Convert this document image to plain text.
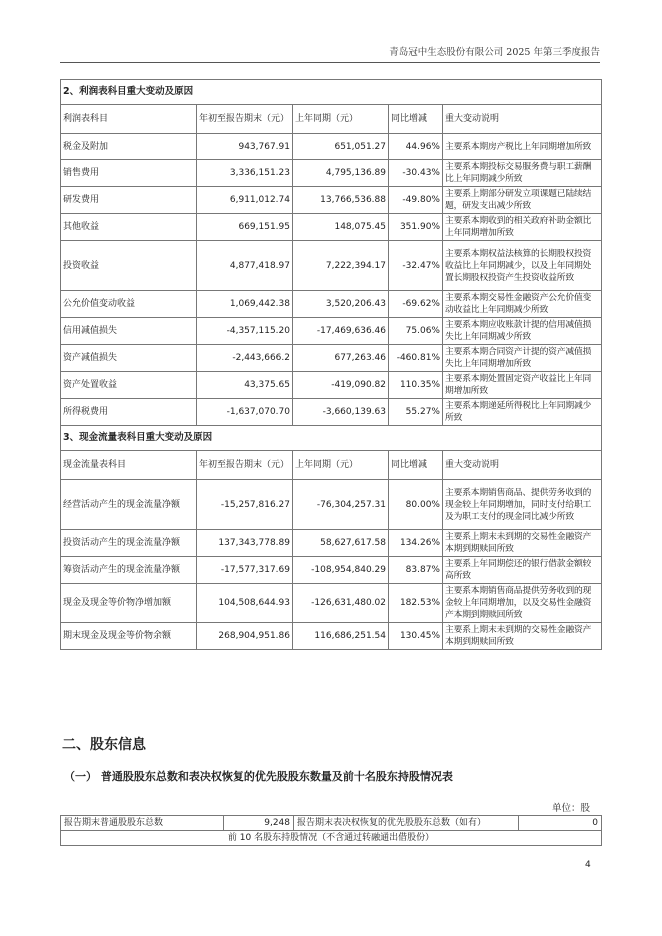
青岛冠中生态股份有限公司 2025 年第三季度报告
2、利润表科目重大变动及原因				
利润表科目	年初至报告期末（元）	上年同期（元）	同比增减	重大变动说明
税金及附加	943,767.91	651,051.27	44.96%	主要系本期房产税比上年同期增加所致
销售费用	3,336,151.23	4,795,136.89	-30.43%	主要系本期投标交易服务费与职工薪酬比上年同期减少所致
研发费用	6,911,012.74	13,766,536.88	-49.80%	主要系上期部分研发立项课题已陆续结题，研发支出减少所致
其他收益	669,151.95	148,075.45	351.90%	主要系本期收到的相关政府补助金额比上年同期增加所致
投资收益	4,877,418.97	7,222,394.17	-32.47%	主要系本期权益法核算的长期股权投资收益比上年同期减少，以及上年同期处置长期股权投资产生投资收益所致
公允价值变动收益	1,069,442.38	3,520,206.43	-69.62%	主要系本期交易性金融资产公允价值变动收益比上年同期减少所致
信用减值损失	-4,357,115.20	-17,469,636.46	75.06%	主要系本期应收账款计提的信用减值损失比上年同期减少所致
资产减值损失	-2,443,666.2	677,263.46	-460.81%	主要系本期合同资产计提的资产减值损失比上年同期增加所致
资产处置收益	43,375.65	-419,090.82	110.35%	主要系本期处置固定资产收益比上年同期增加所致
所得税费用	-1,637,070.70	-3,660,139.63	55.27%	主要系本期递延所得税比上年同期减少所致
3、现金流量表科目重大变动及原因				
现金流量表科目	年初至报告期末（元）	上年同期（元）	同比增减	重大变动说明
经营活动产生的现金流量净额	-15,257,816.27	-76,304,257.31	80.00%	主要系本期销售商品、提供劳务收到的现金较上年同期增加，同时支付给职工及为职工支付的现金同比减少所致
投资活动产生的现金流量净额	137,343,778.89	58,627,617.58	134.26%	主要系上期末未到期的交易性金融资产本期到期赎回所致
筹资活动产生的现金流量净额	-17,577,317.69	-108,954,840.29	83.87%	主要系上年同期偿还的银行借款金额较高所致
现金及现金等价物净增加额	104,508,644.93	-126,631,480.02	182.53%	主要系本期销售商品提供劳务收到的现金较上年同期增加，以及交易性金融资产本期到期赎回所致
期末现金及现金等价物余额	268,904,951.86	116,686,251.54	130.45%	主要系上期末未到期的交易性金融资产本期到期赎回所致
二、股东信息
（一） 普通股股东总数和表决权恢复的优先股股东数量及前十名股东持股情况表
单位：股
报告期末普通股股东总数	9,248	报告期末表决权恢复的优先股股东总数（如有）	0
前 10 名股东持股情况（不含通过转融通出借股份）
4
